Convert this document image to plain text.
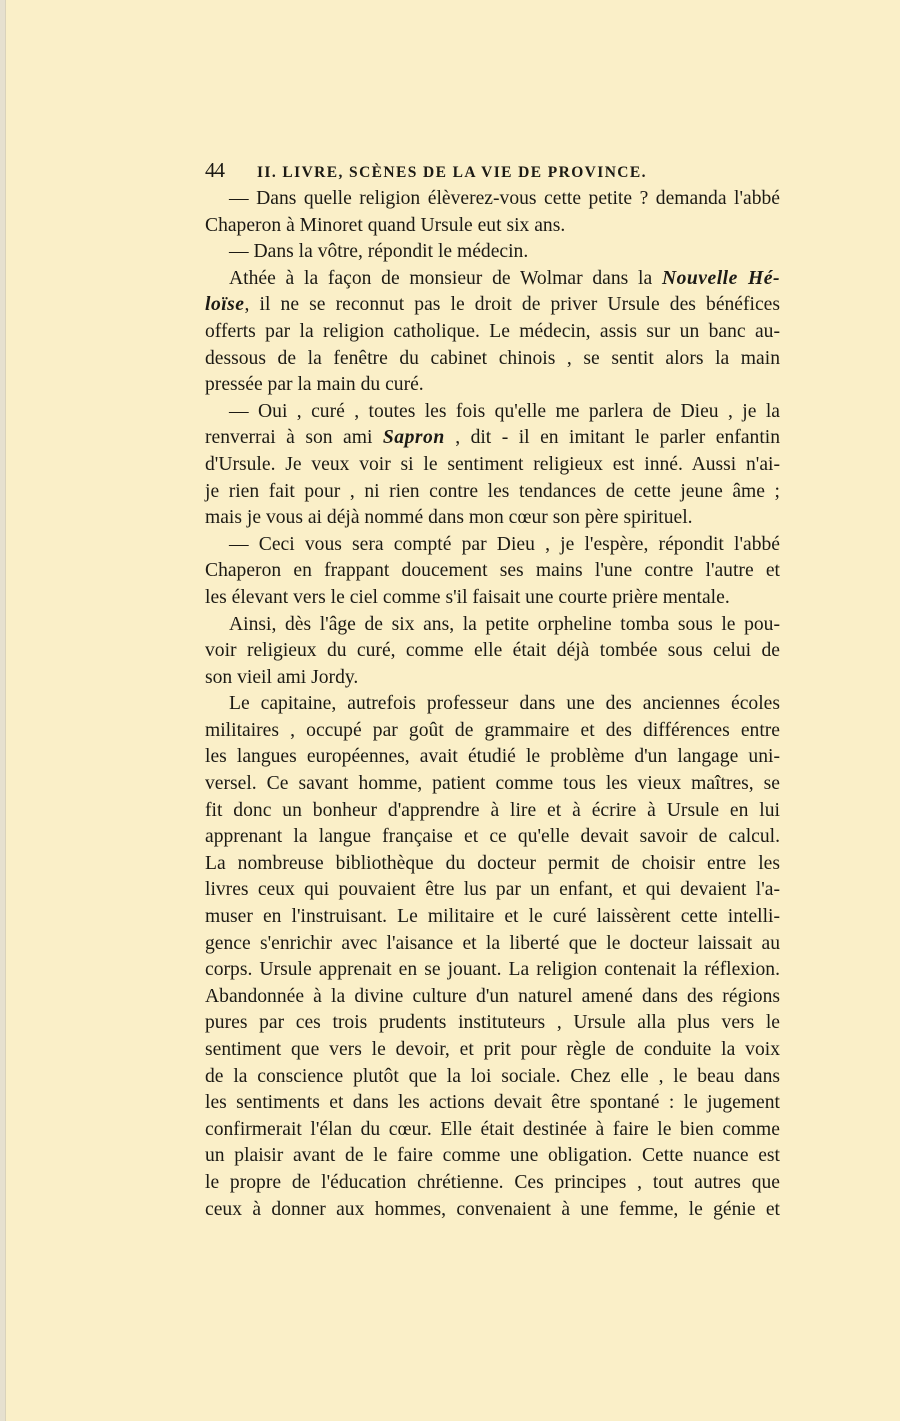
44	II. LIVRE, SCÈNES DE LA VIE DE PROVINCE.
— Dans quelle religion élèverez-vous cette petite ? demanda l'abbé
Chaperon à Minoret quand Ursule eut six ans.
— Dans la vôtre, répondit le médecin.
Athée à la façon de monsieur de Wolmar dans la Nouvelle Hé-
loïse, il ne se reconnut pas le droit de priver Ursule des bénéfices
offerts par la religion catholique. Le médecin, assis sur un banc au-
dessous de la fenêtre du cabinet chinois , se sentit alors la main
pressée par la main du curé.
— Oui , curé , toutes les fois qu'elle me parlera de Dieu , je la
renverrai à son ami Sapron , dit - il en imitant le parler enfantin
d'Ursule. Je veux voir si le sentiment religieux est inné. Aussi n'ai-
je rien fait pour , ni rien contre les tendances de cette jeune âme ;
mais je vous ai déjà nommé dans mon cœur son père spirituel.
— Ceci vous sera compté par Dieu , je l'espère, répondit l'abbé
Chaperon en frappant doucement ses mains l'une contre l'autre et
les élevant vers le ciel comme s'il faisait une courte prière mentale.
Ainsi, dès l'âge de six ans, la petite orpheline tomba sous le pou-
voir religieux du curé, comme elle était déjà tombée sous celui de
son vieil ami Jordy.
Le capitaine, autrefois professeur dans une des anciennes écoles
militaires , occupé par goût de grammaire et des différences entre
les langues européennes, avait étudié le problème d'un langage uni-
versel. Ce savant homme, patient comme tous les vieux maîtres, se
fit donc un bonheur d'apprendre à lire et à écrire à Ursule en lui
apprenant la langue française et ce qu'elle devait savoir de calcul.
La nombreuse bibliothèque du docteur permit de choisir entre les
livres ceux qui pouvaient être lus par un enfant, et qui devaient l'a-
muser en l'instruisant. Le militaire et le curé laissèrent cette intelli-
gence s'enrichir avec l'aisance et la liberté que le docteur laissait au
corps. Ursule apprenait en se jouant. La religion contenait la réflexion.
Abandonnée à la divine culture d'un naturel amené dans des régions
pures par ces trois prudents instituteurs , Ursule alla plus vers le
sentiment que vers le devoir, et prit pour règle de conduite la voix
de la conscience plutôt que la loi sociale. Chez elle , le beau dans
les sentiments et dans les actions devait être spontané : le jugement
confirmerait l'élan du cœur. Elle était destinée à faire le bien comme
un plaisir avant de le faire comme une obligation. Cette nuance est
le propre de l'éducation chrétienne. Ces principes , tout autres que
ceux à donner aux hommes, convenaient à une femme, le génie et
